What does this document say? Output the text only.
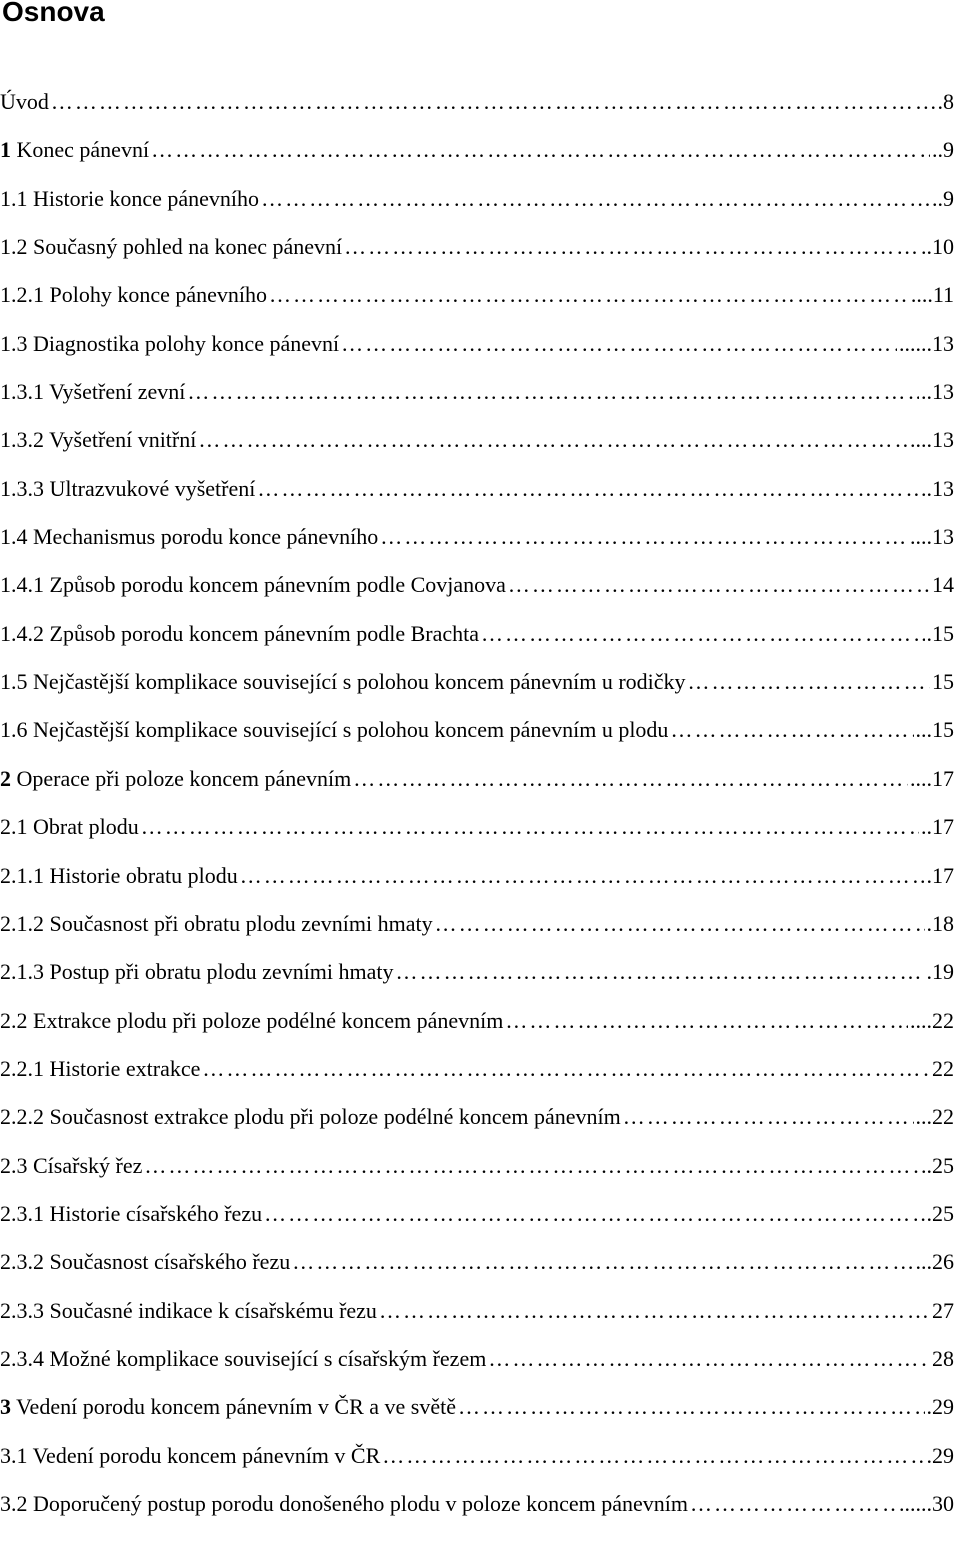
Osnova
Úvod ……………………………………………………………………………………………………………………………………………………………………	.8
1 Konec pánevní ……………………………………………………………………………………………………………………………………………………………………	..9
1.1 Historie konce pánevního ……………………………………………………………………………………………………………………………………………………………………	..9
1.2 Současný pohled na konec pánevní ……………………………………………………………………………………………………………………………………………………………………	..10
1.2.1 Polohy konce pánevního ……………………………………………………………………………………………………………………………………………………………………	....11
1.3 Diagnostika polohy konce pánevní ……………………………………………………………………………………………………………………………………………………………………	......13
1.3.1 Vyšetření zevní ……………………………………………………………………………………………………………………………………………………………………	..13
1.3.2 Vyšetření vnitřní ……………………………………………………………………………………………………………………………………………………………………	....13
1.3.3 Ultrazvukové vyšetření ……………………………………………………………………………………………………………………………………………………………………	..13
1.4 Mechanismus porodu konce pánevního ……………………………………………………………………………………………………………………………………………………………………	....13
1.4.1 Způsob porodu koncem pánevním podle Covjanova ……………………………………………………………………………………………………………………………………………………………………	14
1.4.2 Způsob porodu koncem pánevním podle Brachta ……………………………………………………………………………………………………………………………………………………………………	.15
1.5 Nejčastější komplikace související s polohou koncem pánevním u rodičky ……………………………………………………………………………………………………………………………………………………………………	15
1.6 Nejčastější komplikace související s polohou koncem pánevním u plodu ……………………………………………………………………………………………………………………………………………………………………	...15
2 Operace při poloze koncem pánevním ……………………………………………………………………………………………………………………………………………………………………	....17
2.1 Obrat plodu ……………………………………………………………………………………………………………………………………………………………………	..17
2.1.1 Historie obratu plodu ……………………………………………………………………………………………………………………………………………………………………	.17
2.1.2 Současnost při obratu plodu zevními hmaty ……………………………………………………………………………………………………………………………………………………………………	.18
2.1.3 Postup při obratu plodu zevními hmaty ……………………………………………………………………………………………………………………………………………………………………	.19
2.2 Extrakce plodu při poloze podélné koncem pánevním ……………………………………………………………………………………………………………………………………………………………………	....22
2.2.1 Historie extrakce ……………………………………………………………………………………………………………………………………………………………………	22
2.2.2 Současnost extrakce plodu při poloze podélné koncem pánevním ……………………………………………………………………………………………………………………………………………………………………	...22
2.3 Císařský řez ……………………………………………………………………………………………………………………………………………………………………	..25
2.3.1 Historie císařského řezu ……………………………………………………………………………………………………………………………………………………………………	.25
2.3.2 Současnost císařského řezu ……………………………………………………………………………………………………………………………………………………………………	...26
2.3.3 Současné indikace k císařskému řezu ……………………………………………………………………………………………………………………………………………………………………	27
2.3.4 Možné komplikace související s císařským řezem ……………………………………………………………………………………………………………………………………………………………………	28
3 Vedení porodu koncem pánevním v ČR a ve světě ……………………………………………………………………………………………………………………………………………………………………	.29
3.1 Vedení porodu koncem pánevním v ČR ……………………………………………………………………………………………………………………………………………………………………	.29
3.2 Doporučený postup porodu donošeného plodu v poloze koncem pánevním ……………………………………………………………………………………………………………………………………………………………………	......30
